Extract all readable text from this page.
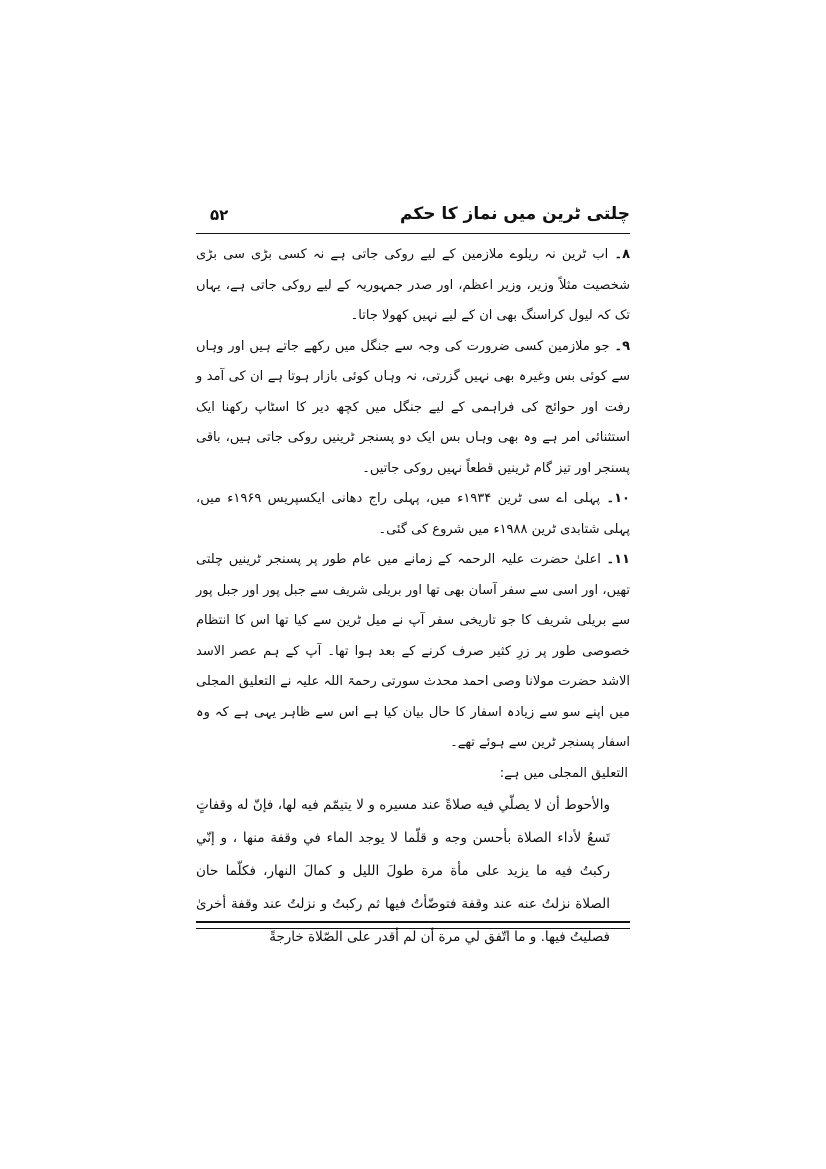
چلتی ٹرین میں نماز کا حکم
۵۲

۸۔ اب ٹرین نہ ریلوے ملازمین کے لیے روکی جاتی ہے نہ کسی بڑی سی بڑی شخصیت مثلاً وزیر، وزیر اعظم، اور صدر جمہوریہ کے لیے روکی جاتی ہے، یہاں تک کہ لیول کراسنگ بھی ان کے لیے نہیں کھولا جاتا۔

۹۔ جو ملازمین کسی ضرورت کی وجہ سے جنگل میں رکھے جاتے ہیں اور وہاں سے کوئی بس وغیرہ بھی نہیں گزرتی، نہ وہاں کوئی بازار ہوتا ہے ان کی آمد و رفت اور حوائج کی فراہمی کے لیے جنگل میں کچھ دیر کا اسٹاپ رکھنا ایک استثنائی امر ہے وہ بھی وہاں بس ایک دو پسنجر ٹرینیں روکی جاتی ہیں، باقی پسنجر اور تیز گام ٹرینیں قطعاً نہیں روکی جاتیں۔

۱۰۔ پہلی اے سی ٹرین ۱۹۳۴ء میں، پہلی راج دھانی ایکسپریس ۱۹۶۹ء میں، پہلی شتابدی ٹرین ۱۹۸۸ء میں شروع کی گئی۔

۱۱۔ اعلیٰ حضرت علیہ الرحمہ کے زمانے میں عام طور پر پسنجر ٹرینیں چلتی تھیں، اور اسی سے سفر آسان بھی تھا اور بریلی شریف سے جبل پور اور جبل پور سے بریلی شریف کا جو تاریخی سفر آپ نے میل ٹرین سے کیا تھا اس کا انتظام خصوصی طور پر زرِ کثیر صرف کرنے کے بعد ہوا تھا۔ آپ کے ہم عصر الاسد الاشد حضرت مولانا وصی احمد محدث سورتی رحمۃ اللہ علیہ نے التعلیق المجلی میں اپنے سو سے زیادہ اسفار کا حال بیان کیا ہے اس سے ظاہر یہی ہے کہ وہ اسفار پسنجر ٹرین سے ہوئے تھے۔

التعلیق المجلی میں ہے:

والأحوط أن لا يصلّي فيه صلاةً عند مسيره و لا يتيمّم فيه لها، فإنّ له وقفاتٍ تَسعُ لأداء الصلاة بأحسن وجه و قلّما لا يوجد الماء في وقفة منها ، و إنّي ركبتُ فيه ما يزيد على مأة مرة طولَ الليل و كمالَ النهار، فكلّما حان الصلاة نزلتُ عنه عند وقفة فتوضّأتُ فيها ثم ركبتُ و نزلتُ عند وقفة أخرىٰ فصليتُ فيها. و ما اتّفق لي مرة أن لم أقدر على الصّلاة خارجةً
